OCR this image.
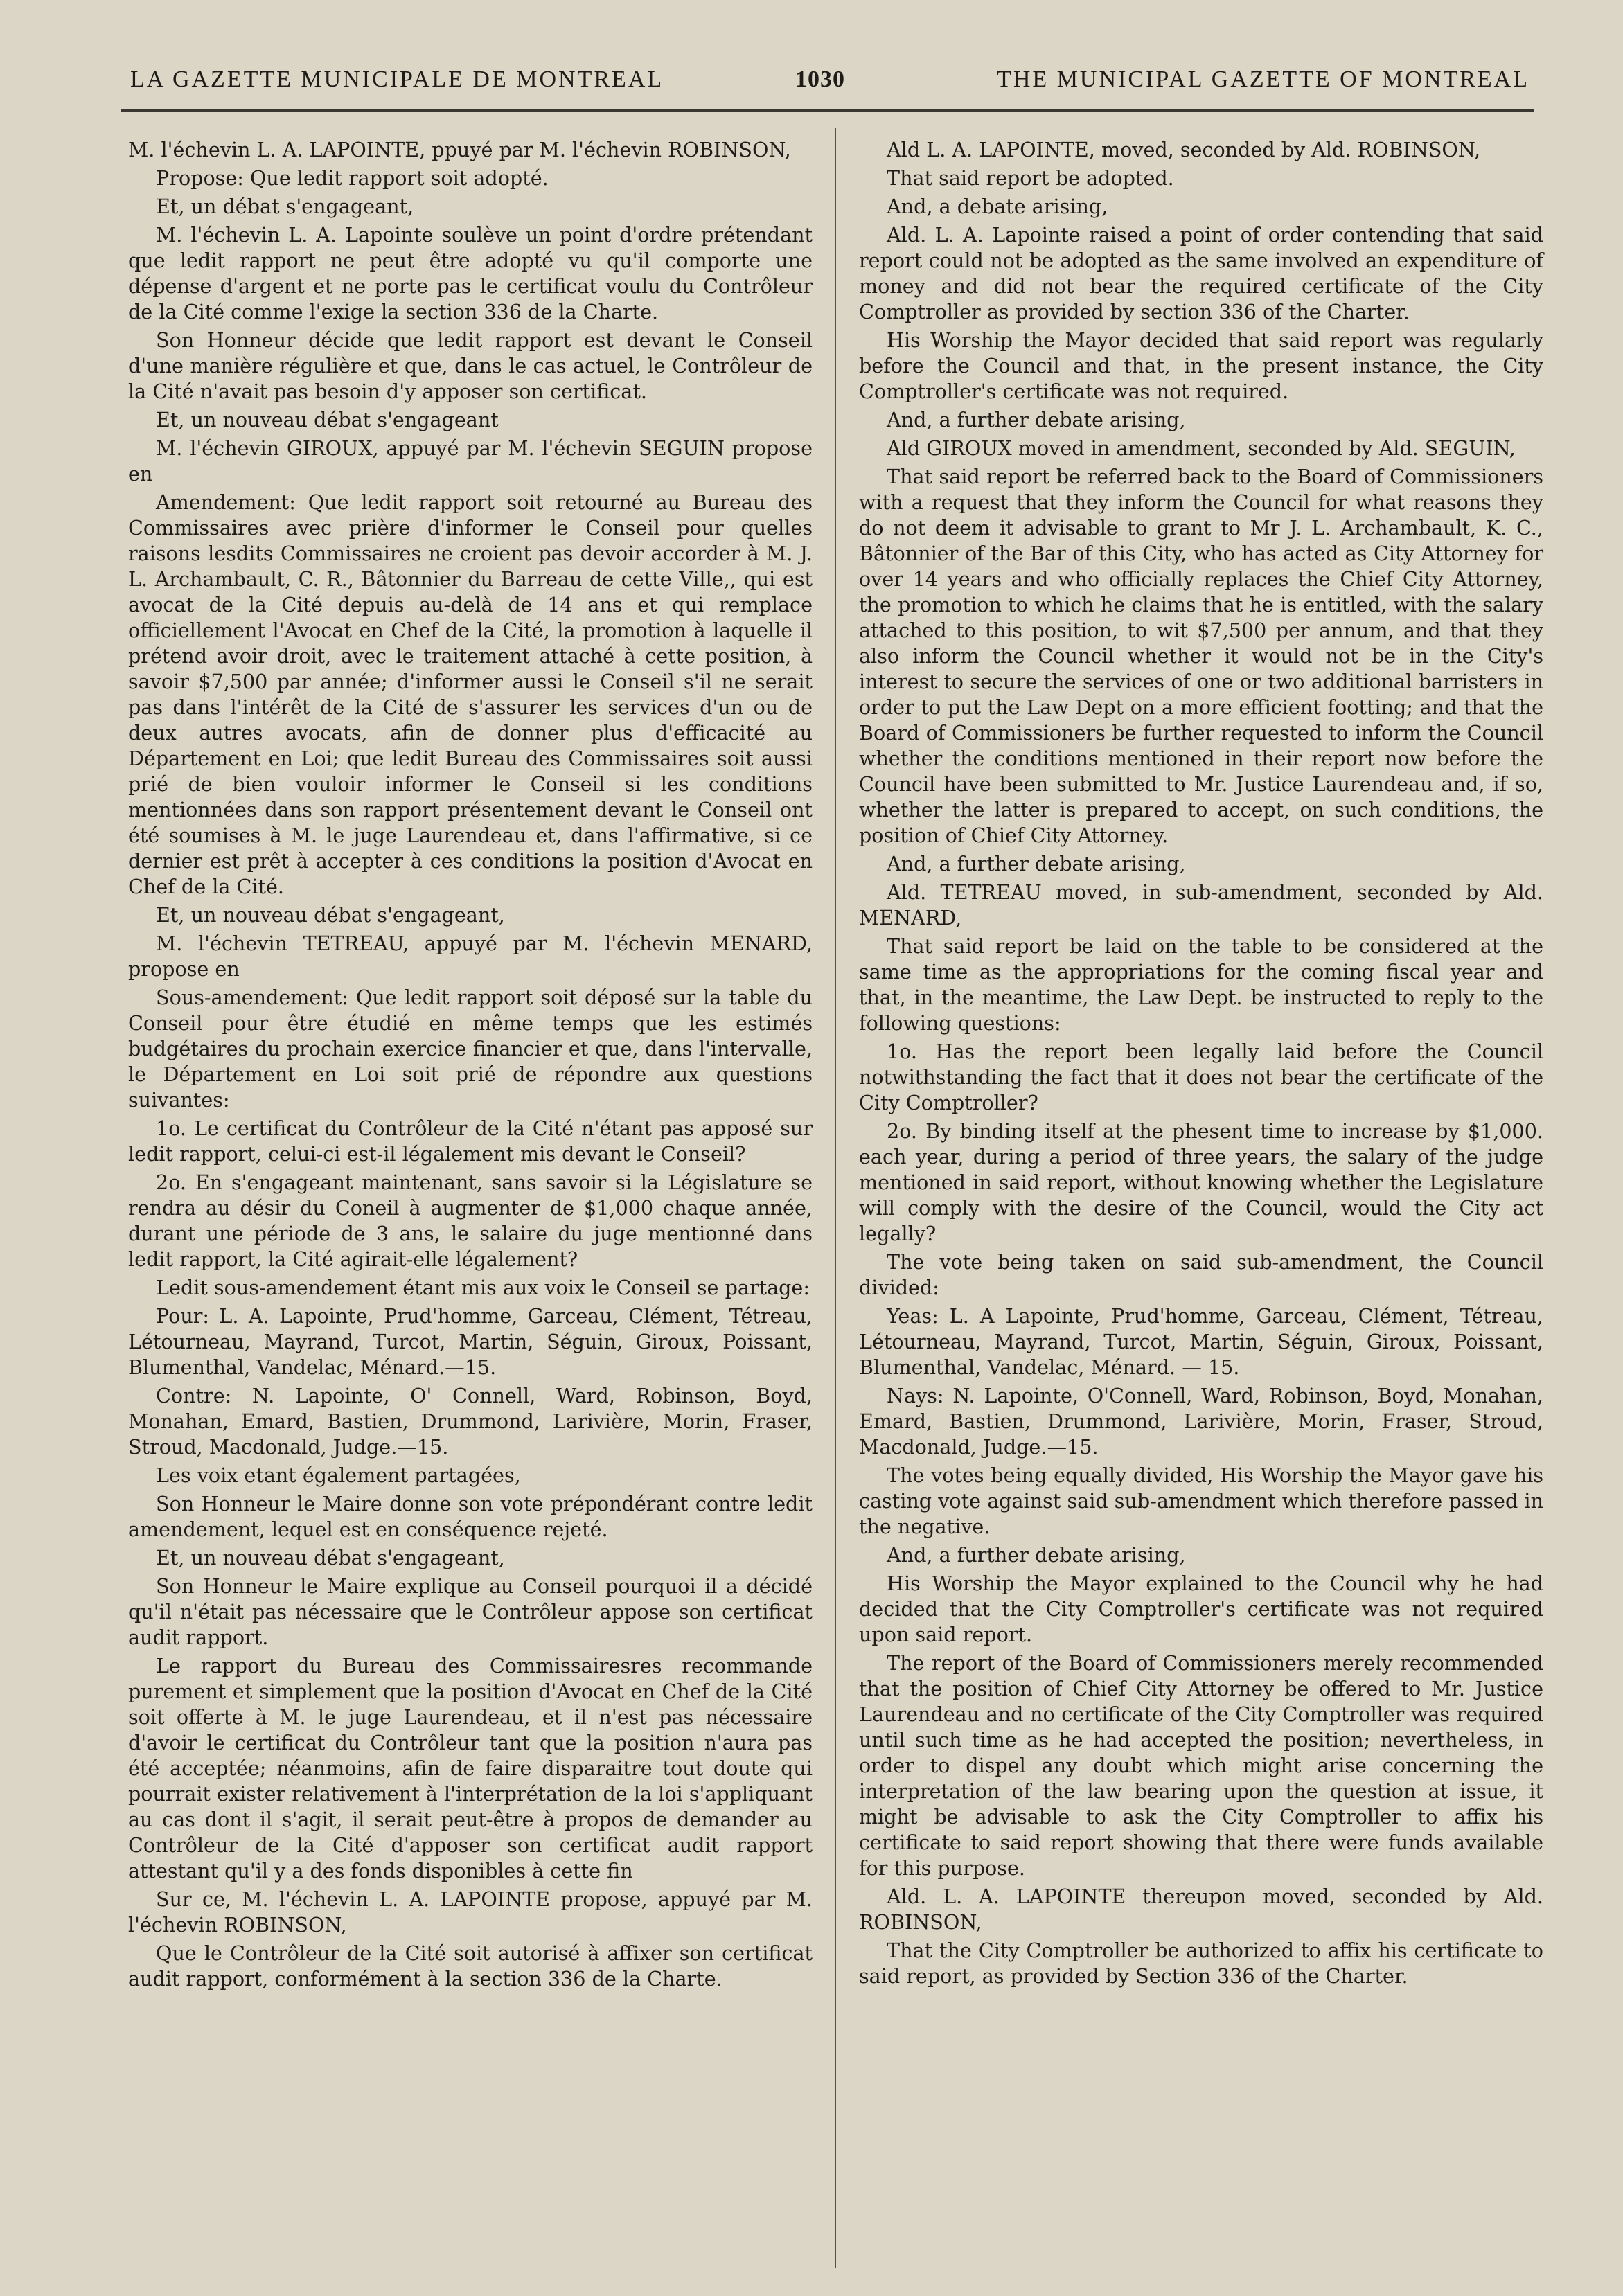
LA GAZETTE MUNICIPALE DE MONTREAL	1030	THE MUNICIPAL GAZETTE OF MONTREAL

M. l'échevin L. A. LAPOINTE, ppuyé par M. l'échevin ROBINSON,

Propose: Que ledit rapport soit adopté.

Et, un débat s'engageant,

M. l'échevin L. A. Lapointe soulève un point d'ordre prétendant que ledit rapport ne peut être adopté vu qu'il comporte une dépense d'argent et ne porte pas le certificat voulu du Contrôleur de la Cité comme l'exige la section 336 de la Charte.

Son Honneur décide que ledit rapport est devant le Conseil d'une manière régulière et que, dans le cas actuel, le Contrôleur de la Cité n'avait pas besoin d'y apposer son certificat.

Et, un nouveau débat s'engageant

M. l'échevin GIROUX, appuyé par M. l'échevin SEGUIN propose en

Amendement: Que ledit rapport soit retourné au Bureau des Commissaires avec prière d'informer le Conseil pour quelles raisons lesdits Commissaires ne croient pas devoir accorder à M. J. L. Archambault, C. R., Bâtonnier du Barreau de cette Ville,, qui est avocat de la Cité depuis au-delà de 14 ans et qui remplace officiellement l'Avocat en Chef de la Cité, la promotion à laquelle il prétend avoir droit, avec le traitement attaché à cette position, à savoir $7,500 par année; d'informer aussi le Conseil s'il ne serait pas dans l'intérêt de la Cité de s'assurer les services d'un ou de deux autres avocats, afin de donner plus d'efficacité au Département en Loi; que ledit Bureau des Commissaires soit aussi prié de bien vouloir informer le Conseil si les conditions mentionnées dans son rapport présentement devant le Conseil ont été soumises à M. le juge Laurendeau et, dans l'affirmative, si ce dernier est prêt à accepter à ces conditions la position d'Avocat en Chef de la Cité.

Et, un nouveau débat s'engageant,

M. l'échevin TETREAU, appuyé par M. l'échevin MENARD, propose en

Sous-amendement: Que ledit rapport soit déposé sur la table du Conseil pour être étudié en même temps que les estimés budgétaires du prochain exercice financier et que, dans l'intervalle, le Département en Loi soit prié de répondre aux questions suivantes:

1o. Le certificat du Contrôleur de la Cité n'étant pas apposé sur ledit rapport, celui-ci est-il légalement mis devant le Conseil?

2o. En s'engageant maintenant, sans savoir si la Législature se rendra au désir du Coneil à augmenter de $1,000 chaque année, durant une période de 3 ans, le salaire du juge mentionné dans ledit rapport, la Cité agirait-elle légalement?

Ledit sous-amendement étant mis aux voix le Conseil se partage:

Pour: L. A. Lapointe, Prud'homme, Garceau, Clément, Tétreau, Létourneau, Mayrand, Turcot, Martin, Séguin, Giroux, Poissant, Blumenthal, Vandelac, Ménard.—15.

Contre: N. Lapointe, O' Connell, Ward, Robinson, Boyd, Monahan, Emard, Bastien, Drummond, Larivière, Morin, Fraser, Stroud, Macdonald, Judge.—15.

Les voix etant également partagées,

Son Honneur le Maire donne son vote prépondérant contre ledit amendement, lequel est en conséquence rejeté.

Et, un nouveau débat s'engageant,

Son Honneur le Maire explique au Conseil pourquoi il a décidé qu'il n'était pas nécessaire que le Contrôleur appose son certificat audit rapport.

Le rapport du Bureau des Commissairesres recommande purement et simplement que la position d'Avocat en Chef de la Cité soit offerte à M. le juge Laurendeau, et il n'est pas nécessaire d'avoir le certificat du Contrôleur tant que la position n'aura pas été acceptée; néanmoins, afin de faire disparaitre tout doute qui pourrait exister relativement à l'interprétation de la loi s'appliquant au cas dont il s'agit, il serait peut-être à propos de demander au Contrôleur de la Cité d'apposer son certificat audit rapport attestant qu'il y a des fonds disponibles à cette fin

Sur ce, M. l'échevin L. A. LAPOINTE propose, appuyé par M. l'échevin ROBINSON,

Que le Contrôleur de la Cité soit autorisé à affixer son certificat audit rapport, conformément à la section 336 de la Charte.

Ald L. A. LAPOINTE, moved, seconded by Ald. ROBINSON,

That said report be adopted.

And, a debate arising,

Ald. L. A. Lapointe raised a point of order contending that said report could not be adopted as the same involved an expenditure of money and did not bear the required certificate of the City Comptroller as provided by section 336 of the Charter.

His Worship the Mayor decided that said report was regularly before the Council and that, in the present instance, the City Comptroller's certificate was not required.

And, a further debate arising,

Ald GIROUX moved in amendment, seconded by Ald. SEGUIN,

That said report be referred back to the Board of Commissioners with a request that they inform the Council for what reasons they do not deem it advisable to grant to Mr J. L. Archambault, K. C., Bâtonnier of the Bar of this City, who has acted as City Attorney for over 14 years and who officially replaces the Chief City Attorney, the promotion to which he claims that he is entitled, with the salary attached to this position, to wit $7,500 per annum, and that they also inform the Council whether it would not be in the City's interest to secure the services of one or two additional barristers in order to put the Law Dept on a more efficient footting; and that the Board of Commissioners be further requested to inform the Council whether the conditions mentioned in their report now before the Council have been submitted to Mr. Justice Laurendeau and, if so, whether the latter is prepared to accept, on such conditions, the position of Chief City Attorney.

And, a further debate arising,

Ald. TETREAU moved, in sub-amendment, seconded by Ald. MENARD,

That said report be laid on the table to be considered at the same time as the appropriations for the coming fiscal year and that, in the meantime, the Law Dept. be instructed to reply to the following questions:

1o. Has the report been legally laid before the Council notwithstanding the fact that it does not bear the certificate of the City Comptroller?

2o. By binding itself at the phesent time to increase by $1,000. each year, during a period of three years, the salary of the judge mentioned in said report, without knowing whether the Legislature will comply with the desire of the Council, would the City act legally?

The vote being taken on said sub-amendment, the Council divided:

Yeas: L. A Lapointe, Prud'homme, Garceau, Clément, Tétreau, Létourneau, Mayrand, Turcot, Martin, Séguin, Giroux, Poissant, Blumenthal, Vandelac, Ménard. — 15.

Nays: N. Lapointe, O'Connell, Ward, Robinson, Boyd, Monahan, Emard, Bastien, Drummond, Larivière, Morin, Fraser, Stroud, Macdonald, Judge.—15.

The votes being equally divided, His Worship the Mayor gave his casting vote against said sub-amendment which therefore passed in the negative.

And, a further debate arising,

His Worship the Mayor explained to the Council why he had decided that the City Comptroller's certificate was not required upon said report.

The report of the Board of Commissioners merely recommended that the position of Chief City Attorney be offered to Mr. Justice Laurendeau and no certificate of the City Comptroller was required until such time as he had accepted the position; nevertheless, in order to dispel any doubt which might arise concerning the interpretation of the law bearing upon the question at issue, it might be advisable to ask the City Comptroller to affix his certificate to said report showing that there were funds available for this purpose.

Ald. L. A. LAPOINTE thereupon moved, seconded by Ald. ROBINSON,

That the City Comptroller be authorized to affix his certificate to said report, as provided by Section 336 of the Charter.
